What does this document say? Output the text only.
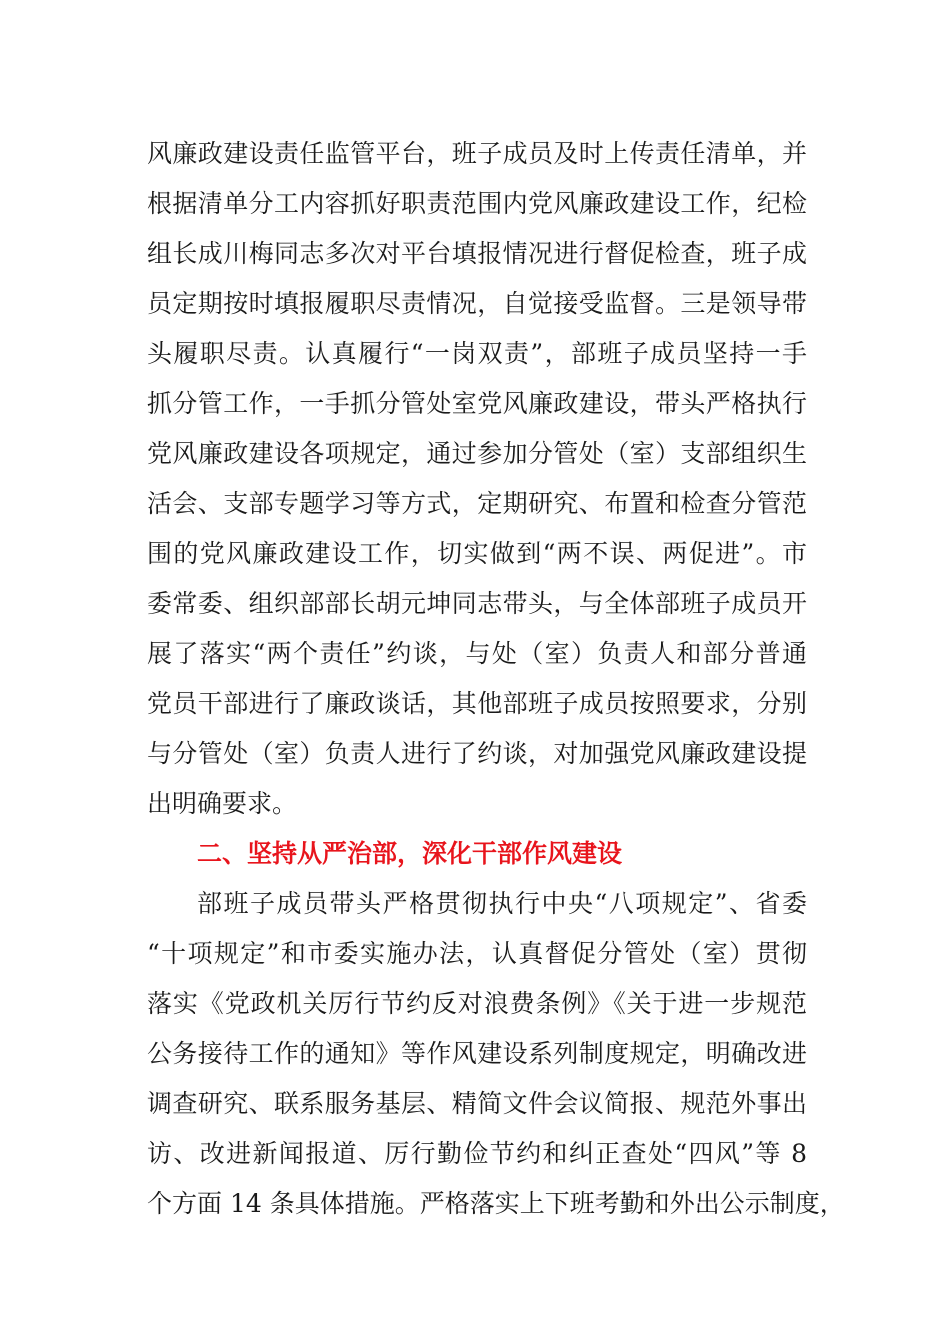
风廉政建设责任监管平台，班子成员及时上传责任清单，并
根据清单分工内容抓好职责范围内党风廉政建设工作，纪检
组长成川梅同志多次对平台填报情况进行督促检查，班子成
员定期按时填报履职尽责情况，自觉接受监督。三是领导带
头履职尽责。认真履行“一岗双责”，部班子成员坚持一手
抓分管工作，一手抓分管处室党风廉政建设，带头严格执行
党风廉政建设各项规定，通过参加分管处（室）支部组织生
活会、支部专题学习等方式，定期研究、布置和检查分管范
围的党风廉政建设工作，切实做到“两不误、两促进”。市
委常委、组织部部长胡元坤同志带头，与全体部班子成员开
展了落实“两个责任”约谈，与处（室）负责人和部分普通
党员干部进行了廉政谈话，其他部班子成员按照要求，分别
与分管处（室）负责人进行了约谈，对加强党风廉政建设提
出明确要求。
二、坚持从严治部，深化干部作风建设
部班子成员带头严格贯彻执行中央“八项规定”、省委
“十项规定”和市委实施办法，认真督促分管处（室）贯彻
落实《党政机关厉行节约反对浪费条例》《关于进一步规范
公务接待工作的通知》等作风建设系列制度规定，明确改进
调查研究、联系服务基层、精简文件会议简报、规范外事出
访、改进新闻报道、厉行勤俭节约和纠正查处“四风”等 8
个方面 14 条具体措施。严格落实上下班考勤和外出公示制度，
